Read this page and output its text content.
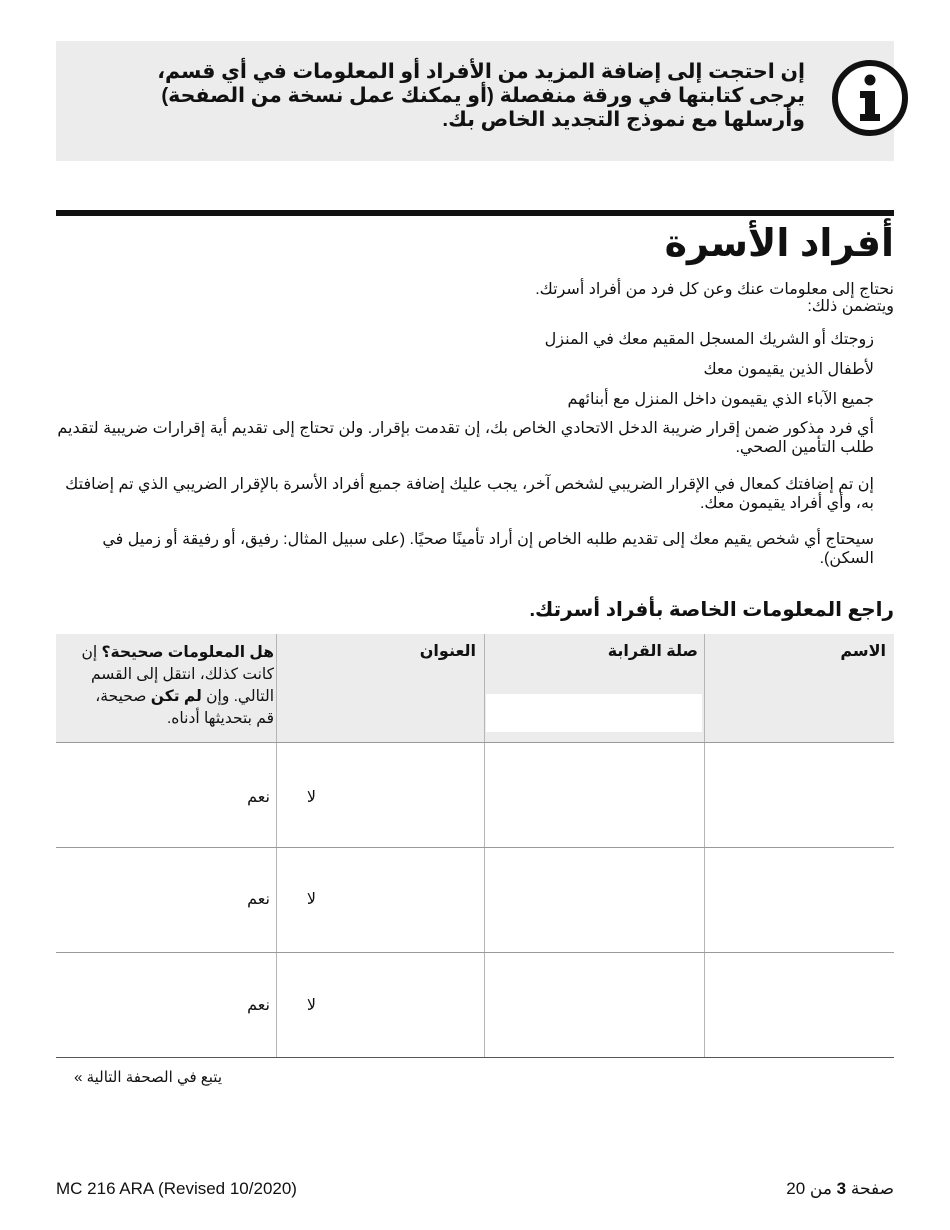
إن احتجت إلى إضافة المزيد من الأفراد أو المعلومات في أي قسم، يرجى كتابتها في ورقة منفصلة (أو يمكنك عمل نسخة من الصفحة) وأرسلها مع نموذج التجديد الخاص بك.
أفراد الأسرة
نحتاج إلى معلومات عنك وعن كل فرد من أفراد أسرتك.
ويتضمن ذلك:
زوجتك أو الشريك المسجل المقيم معك في المنزل
لأطفال الذين يقيمون معك
جميع الآباء الذي يقيمون داخل المنزل مع أبنائهم
أي فرد مذكور ضمن إقرار ضريبة الدخل الاتحادي الخاص بك، إن تقدمت بإقرار. ولن تحتاج إلى تقديم أية إقرارات ضريبية لتقديم طلب التأمين الصحي.
إن تم إضافتك كمعال في الإقرار الضريبي لشخص آخر، يجب عليك إضافة جميع أفراد الأسرة بالإقرار الضريبي الذي تم إضافتك به، وأي أفراد يقيمون معك.
سيحتاج أي شخص يقيم معك إلى تقديم طلبه الخاص إن أراد تأمينًا صحيًا. (على سبيل المثال: رفيق، أو رفيقة أو زميل في السكن).
راجع المعلومات الخاصة بأفراد أسرتك.
الاسم
صلة القرابة
العنوان
هل المعلومات صحيحة؟ إن كانت كذلك، انتقل إلى القسم التالي. وإن لم تكن صحيحة، قم بتحديثها أدناه.
لا  نعم
لا  نعم
لا  نعم
يتبع في الصحفة التالية »
MC 216 ARA (Revised 10/2020)	صفحة 3 من 20
